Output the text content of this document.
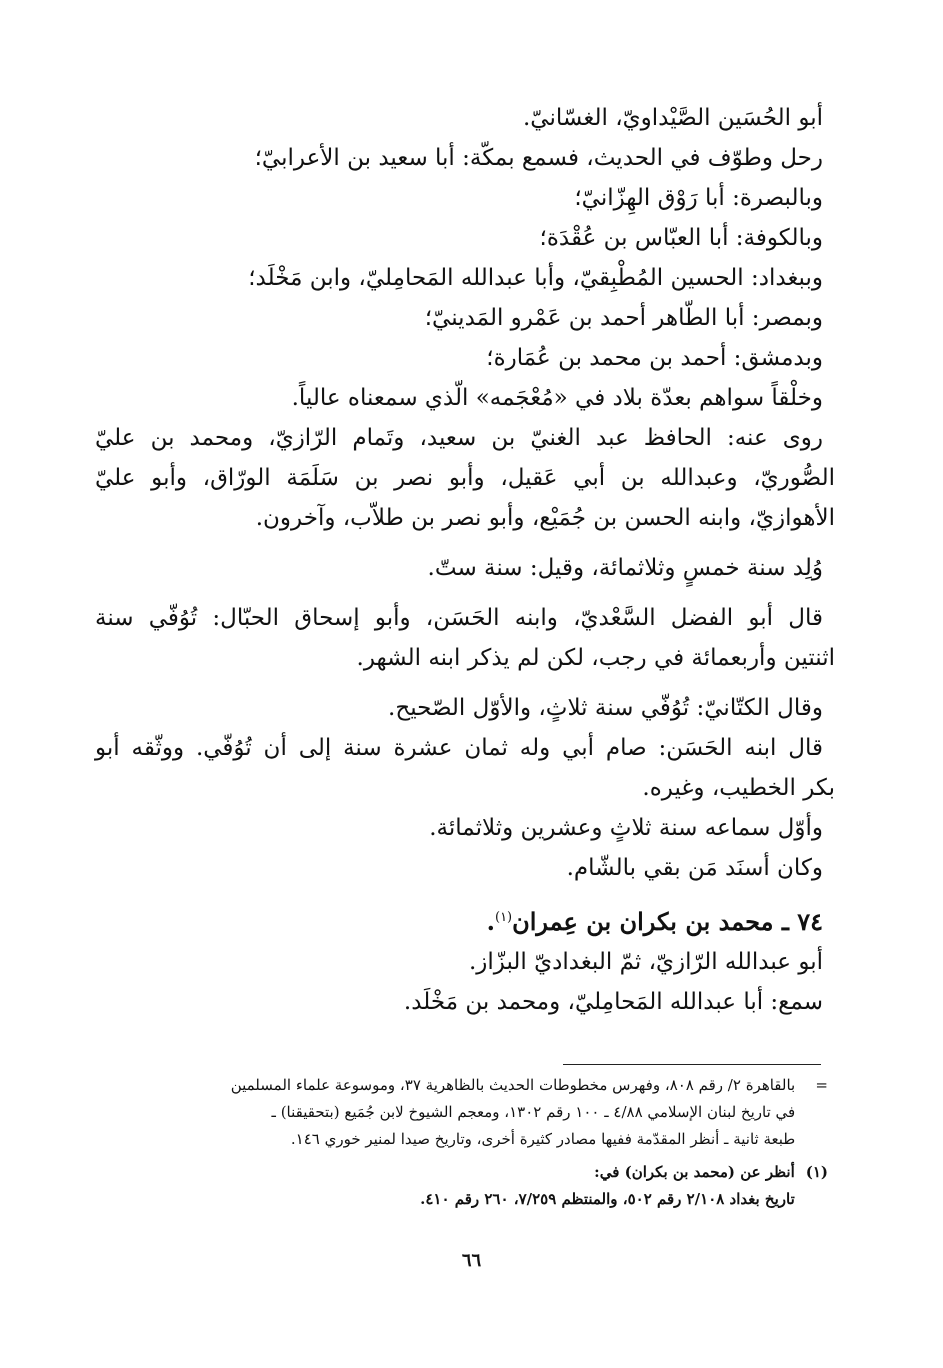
أبو الحُسَين الصَّيْداويّ، الغسّانيّ.
رحل وطوّف في الحديث، فسمع بمكّة: أبا سعيد بن الأعرابيّ؛
وبالبصرة: أبا رَوْق الهِزّانيّ؛
وبالكوفة: أبا العبّاس بن عُقْدَة؛
وببغداد: الحسين المُطْبِقيّ، وأبا عبدالله المَحامِليّ، وابن مَخْلَد؛
وبمصر: أبا الطّاهر أحمد بن عَمْرو المَدينيّ؛
وبدمشق: أحمد بن محمد بن عُمَارة؛
وخلْقاً سواهم بعدّة بلاد في «مُعْجَمه» الّذي سمعناه عالياً.
روى عنه: الحافظ عبد الغنيّ بن سعيد، وتَمام الرّازيّ، ومحمد بن عليّ
الصُّوريّ، وعبدالله بن أبي عَقيل، وأبو نصر بن سَلَمَة الورّاق، وأبو عليّ
الأهوازيّ، وابنه الحسن بن جُمَيْع، وأبو نصر بن طلاّب، وآخرون.
وُلِد سنة خمسٍ وثلاثمائة، وقيل: سنة ستّ.
قال أبو الفضل السَّعْديّ، وابنه الحَسَن، وأبو إسحاق الحبّال: تُوُفّي سنة
اثنتين وأربعمائة في رجب، لكن لم يذكر ابنه الشهر.
وقال الكتّانيّ: تُوُفّي سنة ثلاثٍ، والأوّل الصّحيح.
قال ابنه الحَسَن: صام أبي وله ثمان عشرة سنة إلى أن تُوُفّي. ووثّقه أبو
بكر الخطيب، وغيره.
وأوّل سماعه سنة ثلاثٍ وعشرين وثلاثمائة.
وكان أسنَد مَن بقي بالشّام.
٧٤ ـ محمد بن بكران بن عِمران$^{(١)}$.
أبو عبدالله الرّازيّ، ثمّ البغداديّ البزّاز.
سمع: أبا عبدالله المَحامِليّ، ومحمد بن مَخْلَد.
= بالقاهرة ٢/ رقم ٨٠٨، وفهرس مخطوطات الحديث بالظاهرية ٣٧، وموسوعة علماء المسلمين
في تاريخ لبنان الإسلامي ٤/٨٨ ـ ١٠٠ رقم ١٣٠٢، ومعجم الشيوخ لابن جُمَيع (بتحقيقنا) ـ
طبعة ثانية ـ أنظر المقدّمة ففيها مصادر كثيرة أخرى، وتاريخ صيدا لمنير خوري ١٤٦.
(١) أنظر عن (محمد بن بكران) في:
تاريخ بغداد ٢/١٠٨ رقم ٥٠٢، والمنتظم ٧/٢٥٩، ٢٦٠ رقم ٤١٠.
٦٦
